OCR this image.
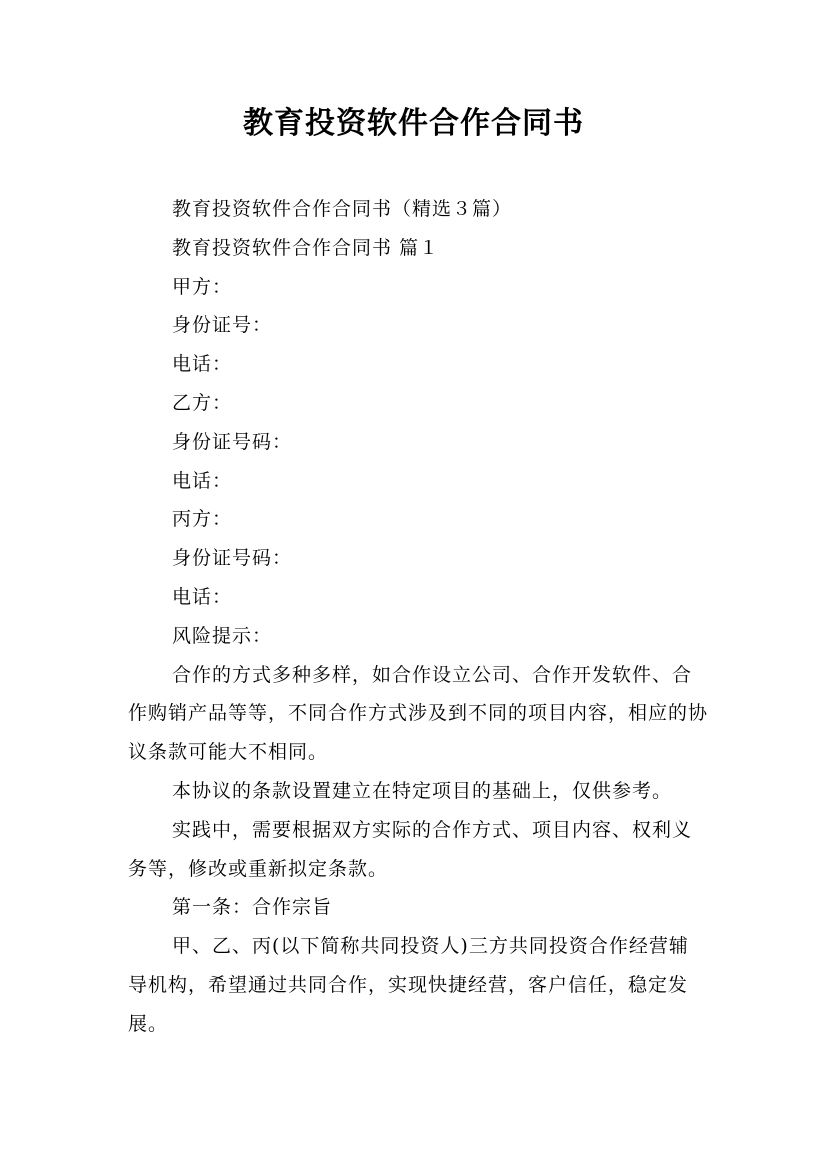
教育投资软件合作合同书

教育投资软件合作合同书（精选３篇）

教育投资软件合作合同书 篇１

甲方：

身份证号：

电话：

乙方：

身份证号码：

电话：

丙方：

身份证号码：

电话：

风险提示：

合作的方式多种多样，如合作设立公司、合作开发软件、合作购销产品等等，不同合作方式涉及到不同的项目内容，相应的协议条款可能大不相同。

本协议的条款设置建立在特定项目的基础上，仅供参考。

实践中，需要根据双方实际的合作方式、项目内容、权利义务等，修改或重新拟定条款。

第一条：合作宗旨

甲、乙、丙(以下简称共同投资人)三方共同投资合作经营辅导机构，希望通过共同合作，实现快捷经营，客户信任，稳定发展。
